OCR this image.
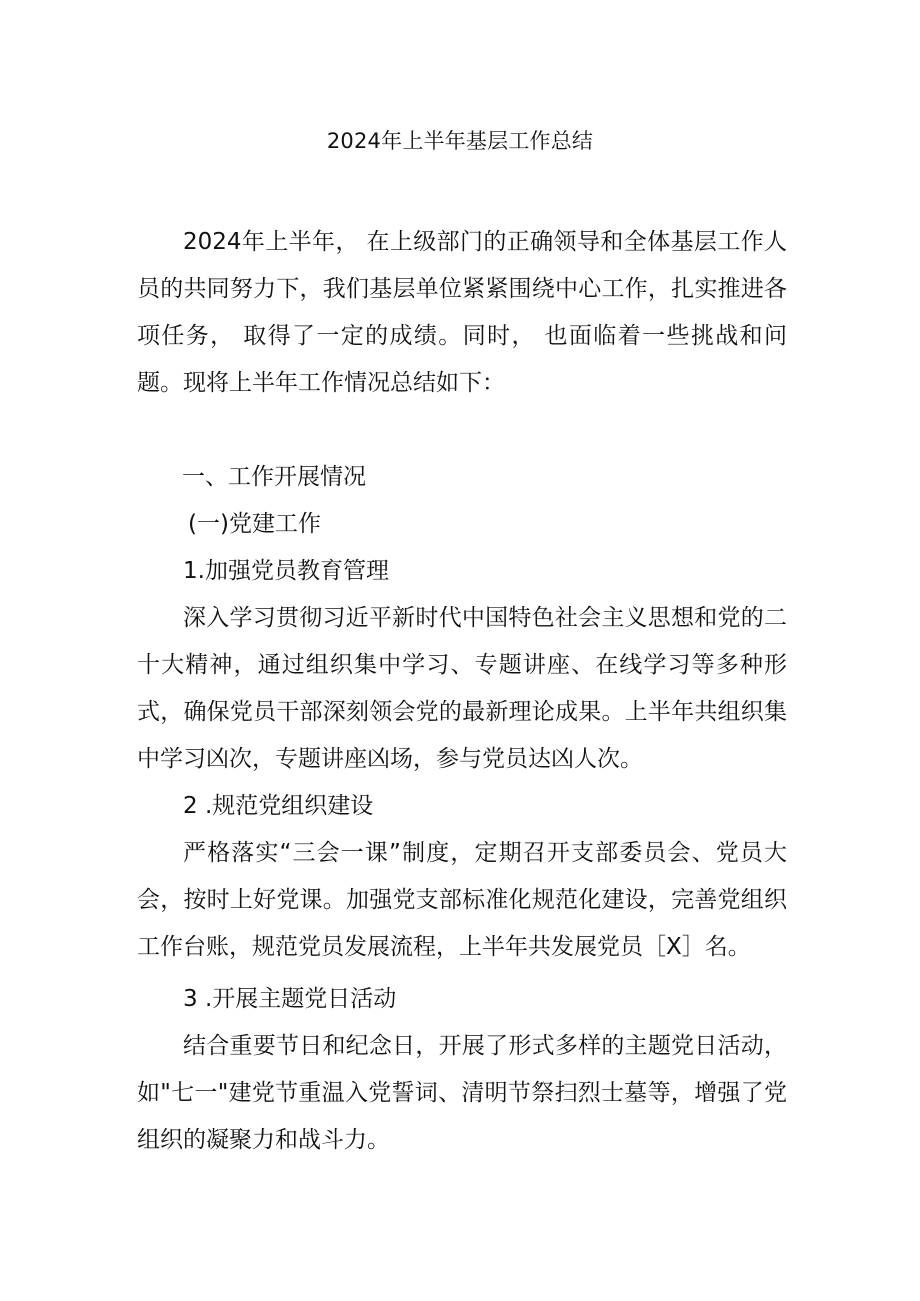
2024年上半年基层工作总结

2024年上半年， 在上级部门的正确领导和全体基层工作人员的共同努力下，我们基层单位紧紧围绕中心工作，扎实推进各项任务， 取得了一定的成绩。同时， 也面临着一些挑战和问题。现将上半年工作情况总结如下：

一、工作开展情况
(一)党建工作
1.加强党员教育管理

深入学习贯彻习近平新时代中国特色社会主义思想和党的二十大精神，通过组织集中学习、专题讲座、在线学习等多种形式，确保党员干部深刻领会党的最新理论成果。上半年共组织集中学习凶次，专题讲座凶场，参与党员达凶人次。

2 .规范党组织建设

严格落实“三会一课”制度，定期召开支部委员会、党员大会，按时上好党课。加强党支部标准化规范化建设，完善党组织工作台账，规范党员发展流程，上半年共发展党员［X］名。

3 .开展主题党日活动

结合重要节日和纪念日，开展了形式多样的主题党日活动，如"七一"建党节重温入党誓词、清明节祭扫烈士墓等，增强了党组织的凝聚力和战斗力。
